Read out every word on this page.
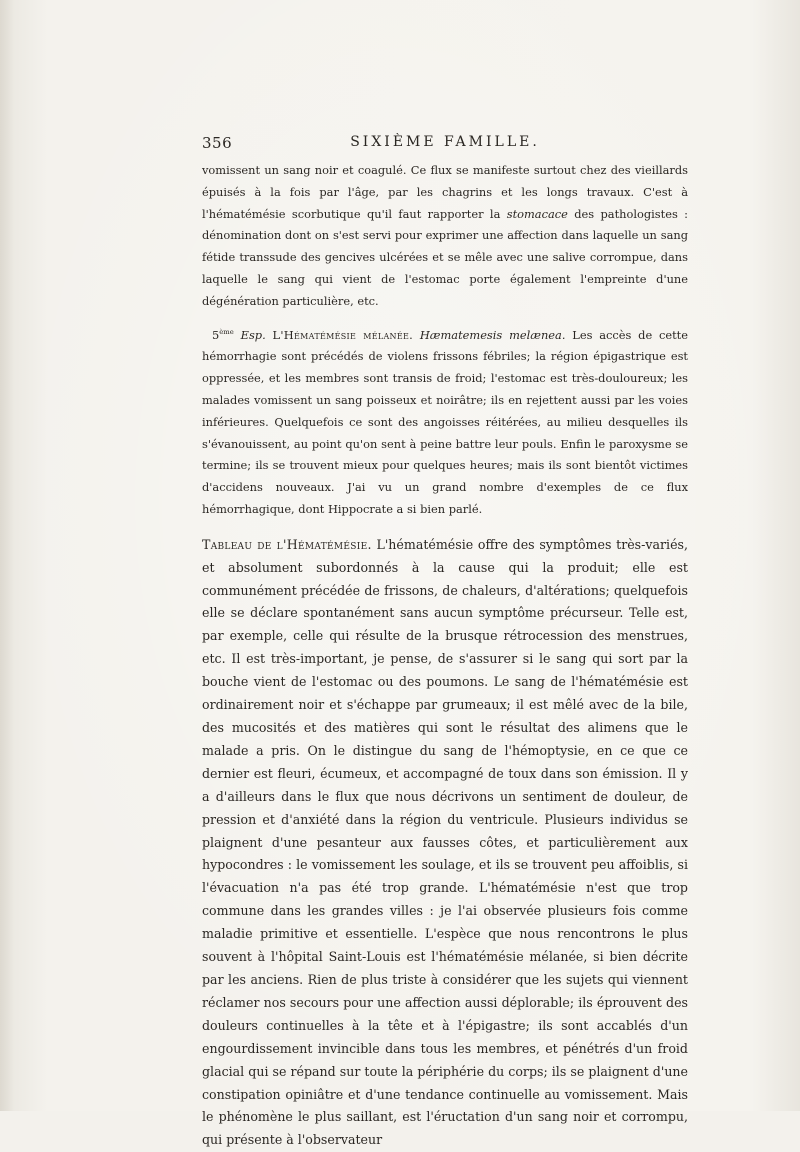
356	SIXIÈME FAMILLE.

vomissent un sang noir et coagulé. Ce flux se manifeste surtout chez des vieillards épuisés à la fois par l'âge, par les chagrins et les longs travaux. C'est à l'hématémésie scorbutique qu'il faut rapporter la stomacace des pathologistes : dénomination dont on s'est servi pour exprimer une affection dans laquelle un sang fétide transsude des gencives ulcérées et se mêle avec une salive corrompue, dans laquelle le sang qui vient de l'estomac porte également l'empreinte d'une dégénération particulière, etc.

5ème Esp. L'Hématémésie mélanée. Hæmatemesis melænea. Les accès de cette hémorrhagie sont précédés de violens frissons fébriles; la région épigastrique est oppressée, et les membres sont transis de froid; l'estomac est très-douloureux; les malades vomissent un sang poisseux et noirâtre; ils en rejettent aussi par les voies inférieures. Quelquefois ce sont des angoisses réitérées, au milieu desquelles ils s'évanouissent, au point qu'on sent à peine battre leur pouls. Enfin le paroxysme se termine; ils se trouvent mieux pour quelques heures; mais ils sont bientôt victimes d'accidens nouveaux. J'ai vu un grand nombre d'exemples de ce flux hémorrhagique, dont Hippocrate a si bien parlé.

Tableau de l'Hématémésie. L'hématémésie offre des symptômes très-variés, et absolument subordonnés à la cause qui la produit; elle est communément précédée de frissons, de chaleurs, d'altérations; quelquefois elle se déclare spontanément sans aucun symptôme précurseur. Telle est, par exemple, celle qui résulte de la brusque rétrocession des menstrues, etc. Il est très-important, je pense, de s'assurer si le sang qui sort par la bouche vient de l'estomac ou des poumons. Le sang de l'hématémésie est ordinairement noir et s'échappe par grumeaux; il est mêlé avec de la bile, des mucosités et des matières qui sont le résultat des alimens que le malade a pris. On le distingue du sang de l'hémoptysie, en ce que ce dernier est fleuri, écumeux, et accompagné de toux dans son émission. Il y a d'ailleurs dans le flux que nous décrivons un sentiment de douleur, de pression et d'anxiété dans la région du ventricule. Plusieurs individus se plaignent d'une pesanteur aux fausses côtes, et particulièrement aux hypocondres : le vomissement les soulage, et ils se trouvent peu affoiblis, si l'évacuation n'a pas été trop grande. L'hématémésie n'est que trop commune dans les grandes villes : je l'ai observée plusieurs fois comme maladie primitive et essentielle. L'espèce que nous rencontrons le plus souvent à l'hôpital Saint-Louis est l'hématémésie mélanée, si bien décrite par les anciens. Rien de plus triste à considérer que les sujets qui viennent réclamer nos secours pour une affection aussi déplorable; ils éprouvent des douleurs continuelles à la tête et à l'épigastre; ils sont accablés d'un engourdissement invincible dans tous les membres, et pénétrés d'un froid glacial qui se répand sur toute la périphérie du corps; ils se plaignent d'une constipation opiniâtre et d'une tendance continuelle au vomissement. Mais le phénomène le plus saillant, est l'éructation d'un sang noir et corrompu, qui présente à l'observateur
